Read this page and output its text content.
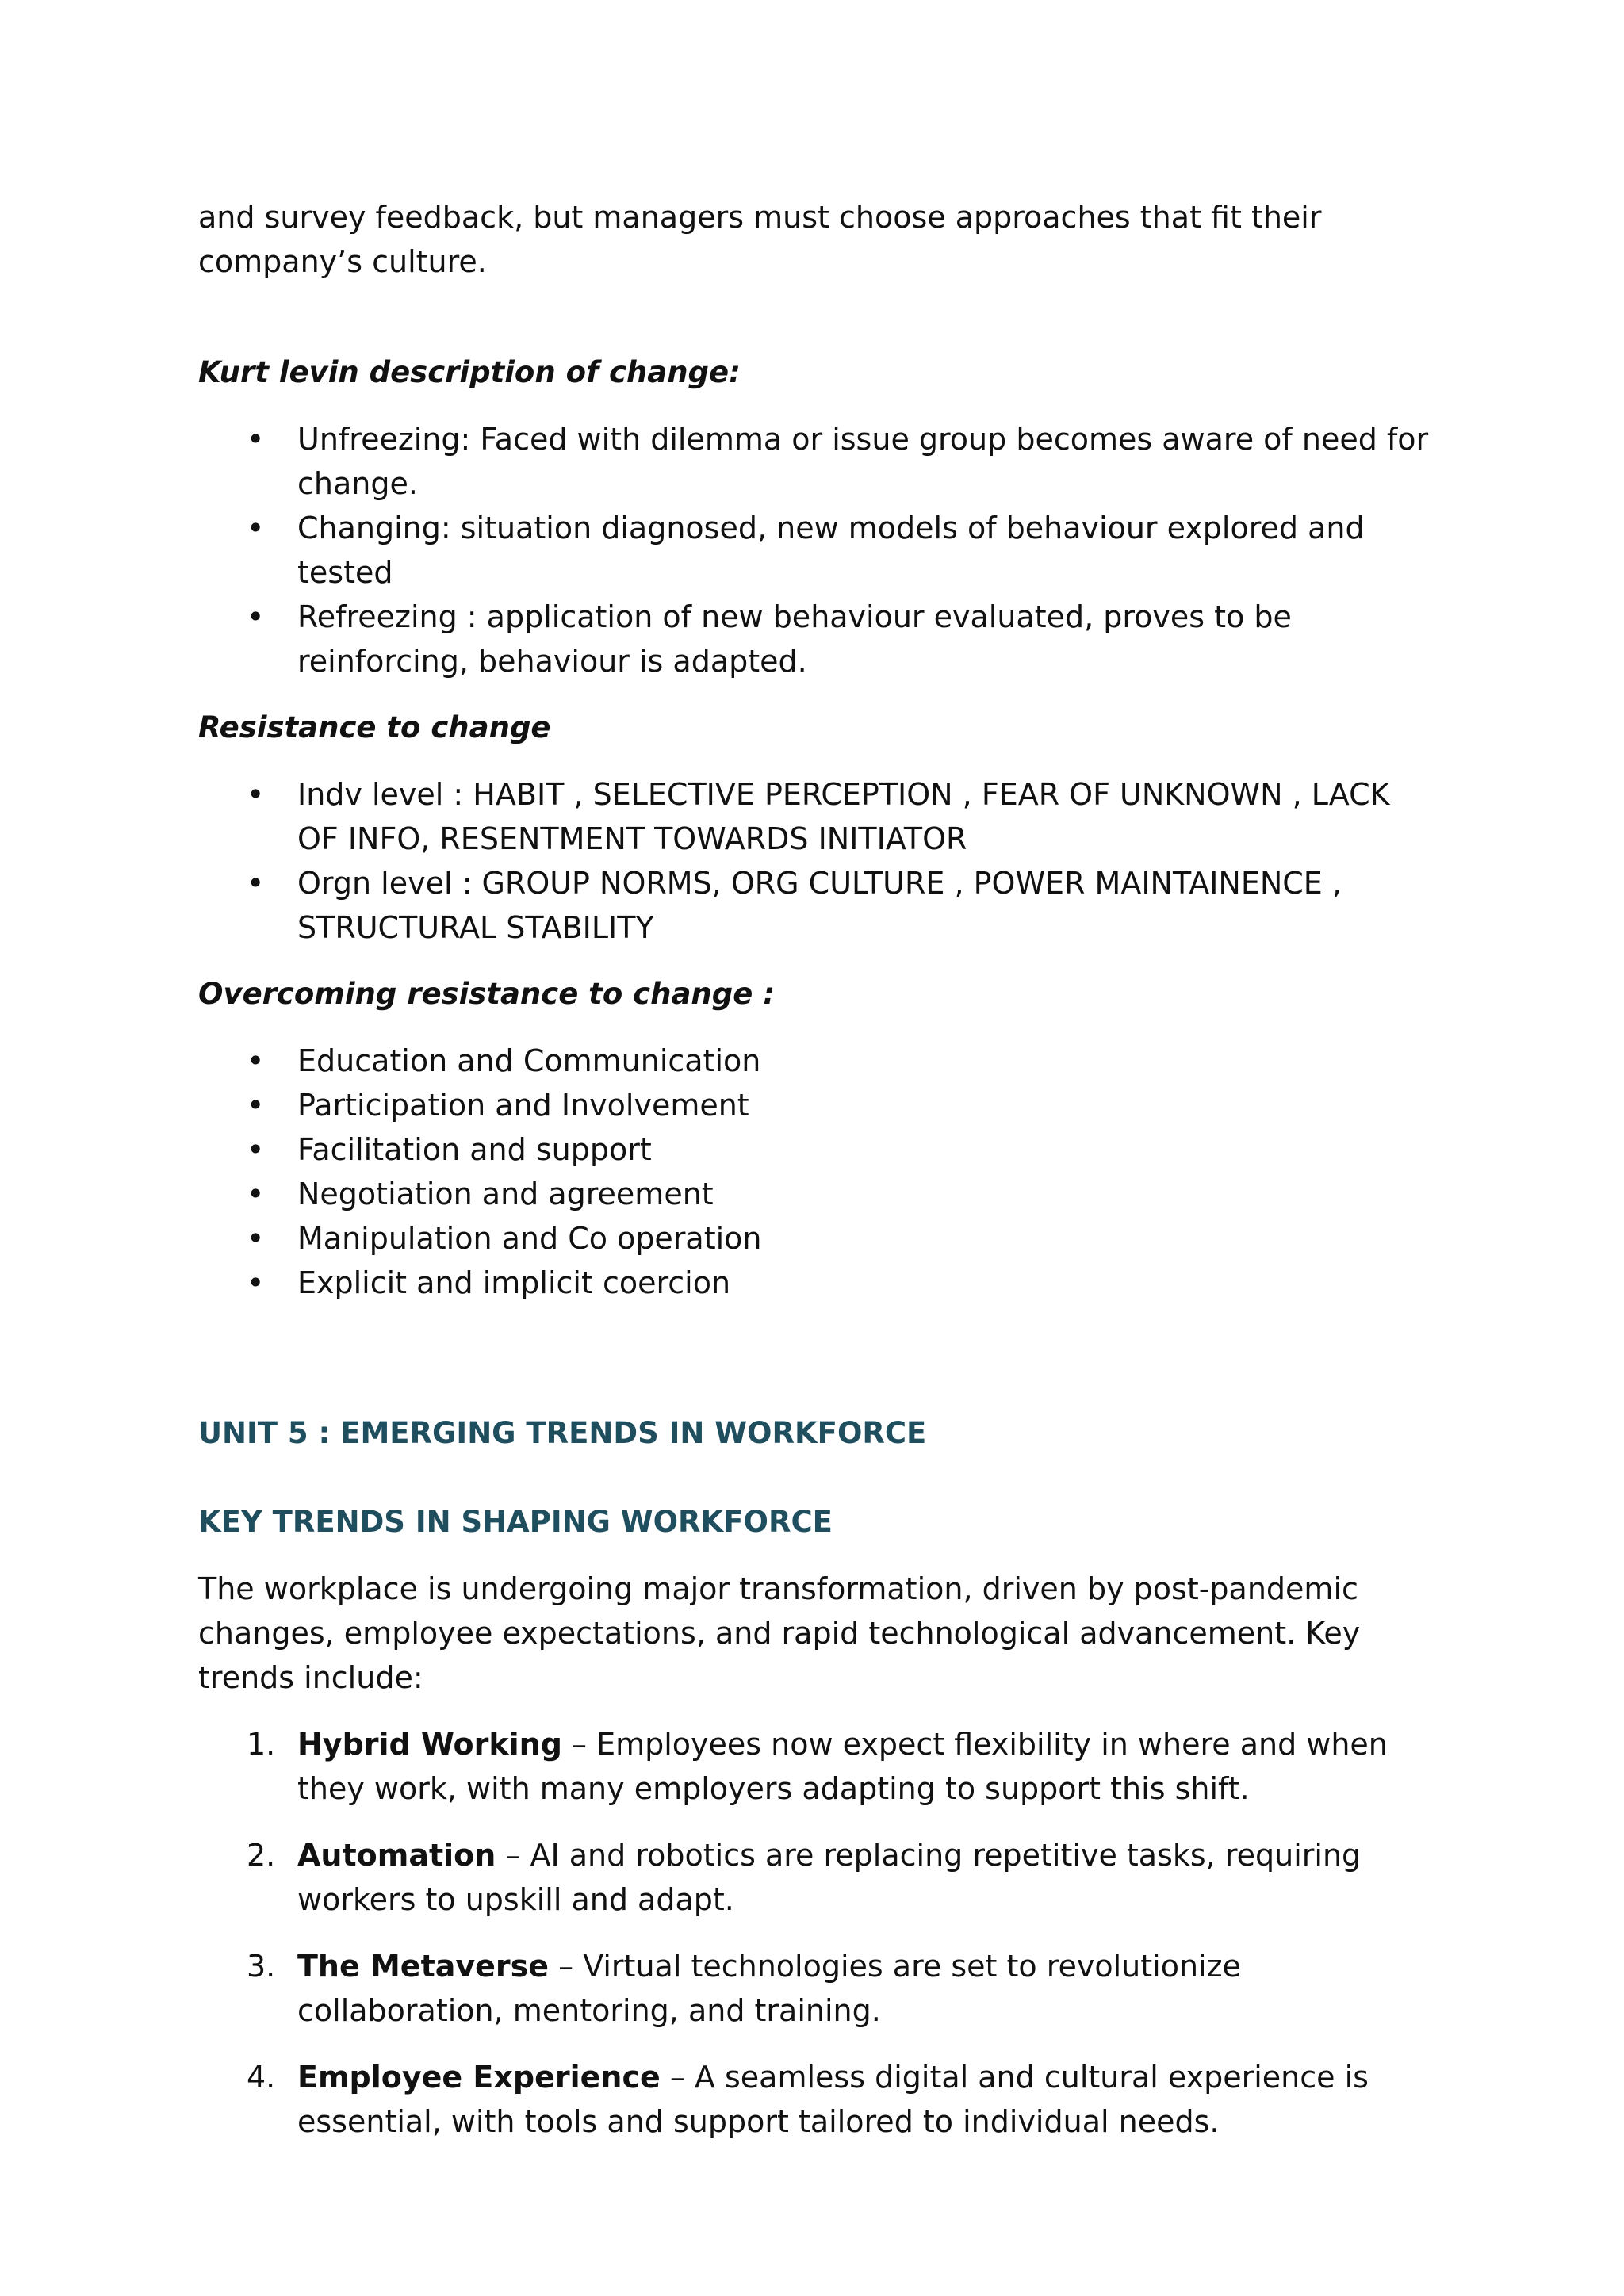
and survey feedback, but managers must choose approaches that fit their company’s culture.

Kurt levin description of change:

• Unfreezing: Faced with dilemma or issue group becomes aware of need for change.
• Changing: situation diagnosed, new models of behaviour explored and tested
• Refreezing : application of new behaviour evaluated, proves to be reinforcing, behaviour is adapted.

Resistance to change

• Indv level : HABIT , SELECTIVE PERCEPTION , FEAR OF UNKNOWN , LACK OF INFO, RESENTMENT TOWARDS INITIATOR
• Orgn level : GROUP NORMS, ORG CULTURE , POWER MAINTAINENCE , STRUCTURAL STABILITY

Overcoming resistance to change :

• Education and Communication
• Participation and Involvement
• Facilitation and support
• Negotiation and agreement
• Manipulation and Co operation
• Explicit and implicit coercion

UNIT 5 : EMERGING TRENDS IN WORKFORCE

KEY TRENDS IN SHAPING WORKFORCE

The workplace is undergoing major transformation, driven by post-pandemic changes, employee expectations, and rapid technological advancement. Key trends include:

1. Hybrid Working – Employees now expect flexibility in where and when they work, with many employers adapting to support this shift.
2. Automation – AI and robotics are replacing repetitive tasks, requiring workers to upskill and adapt.
3. The Metaverse – Virtual technologies are set to revolutionize collaboration, mentoring, and training.
4. Employee Experience – A seamless digital and cultural experience is essential, with tools and support tailored to individual needs.
